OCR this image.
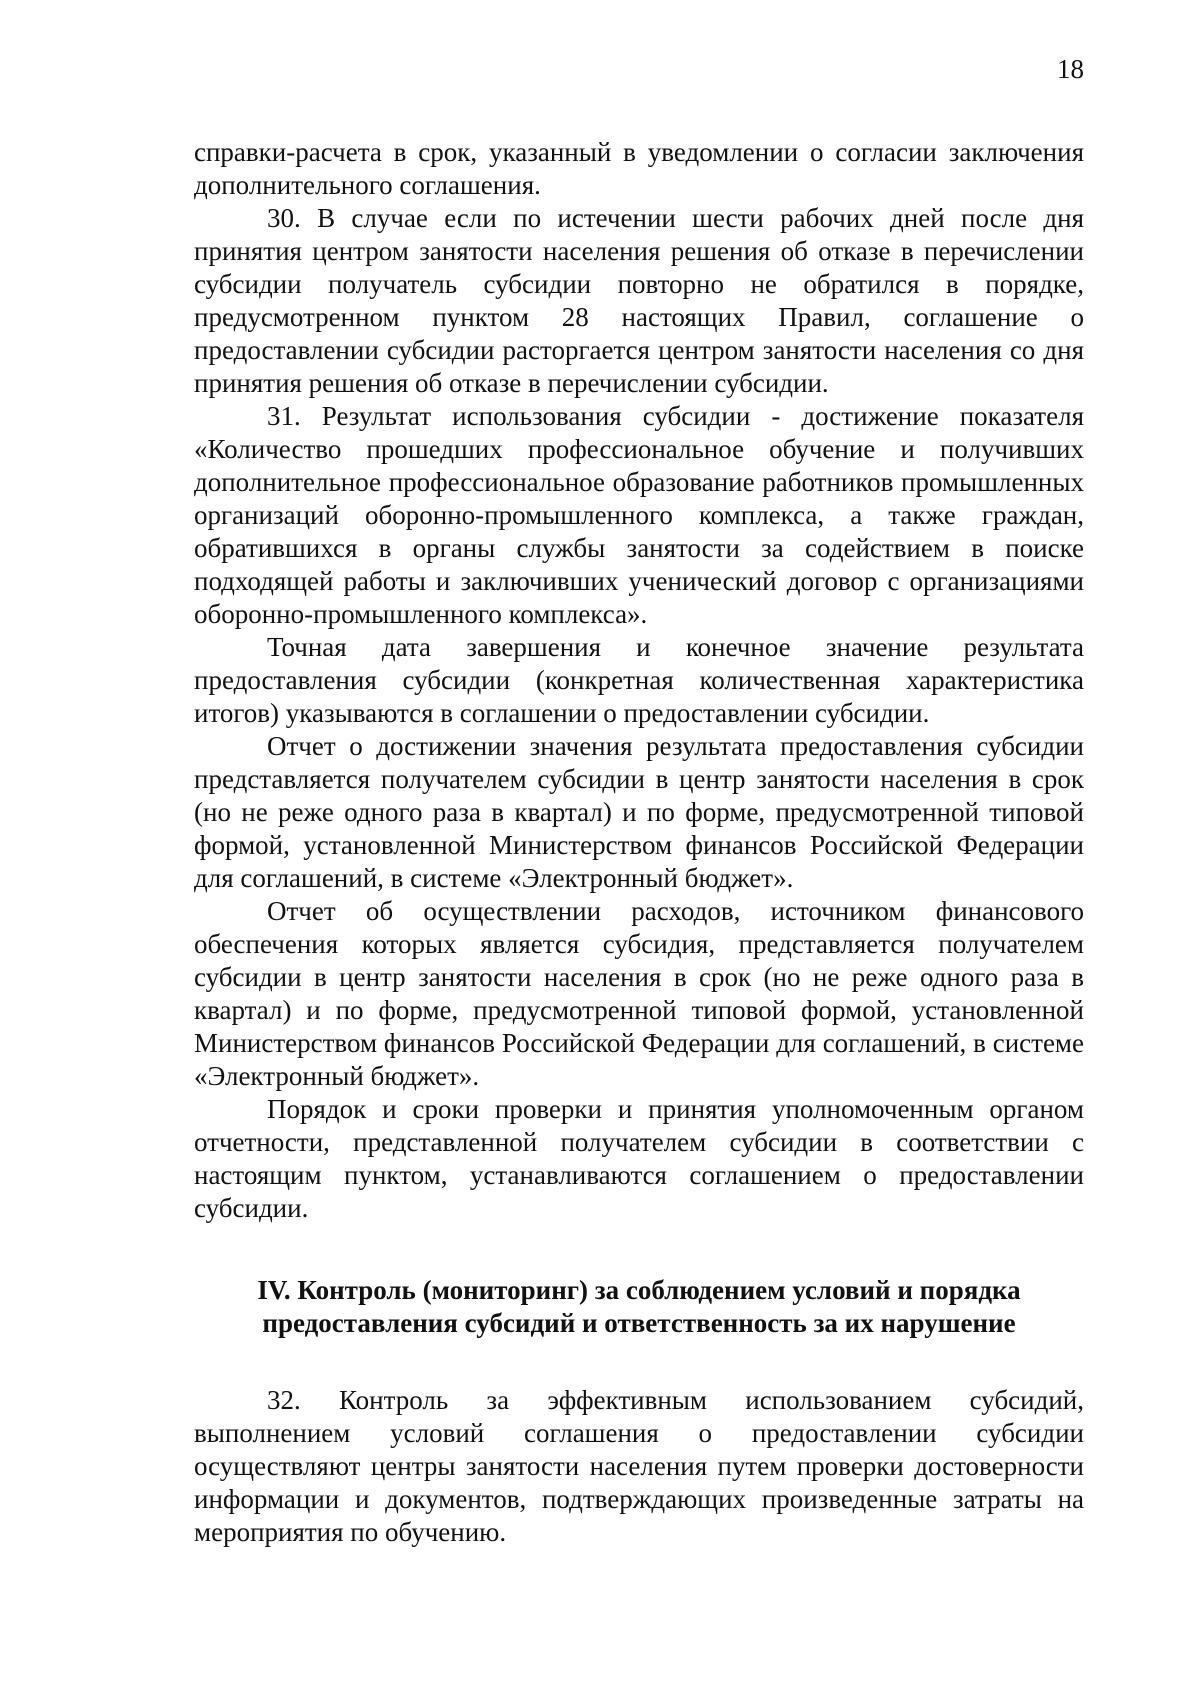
18

справки-расчета в срок, указанный в уведомлении о согласии заключения дополнительного соглашения.

30. В случае если по истечении шести рабочих дней после дня принятия центром занятости населения решения об отказе в перечислении субсидии получатель субсидии повторно не обратился в порядке, предусмотренном пунктом 28 настоящих Правил, соглашение о предоставлении субсидии расторгается центром занятости населения со дня принятия решения об отказе в перечислении субсидии.

31. Результат использования субсидии - достижение показателя «Количество прошедших профессиональное обучение и получивших дополнительное профессиональное образование работников промышленных организаций оборонно-промышленного комплекса, а также граждан, обратившихся в органы службы занятости за содействием в поиске подходящей работы и заключивших ученический договор с организациями оборонно-промышленного комплекса».

Точная дата завершения и конечное значение результата предоставления субсидии (конкретная количественная характеристика итогов) указываются в соглашении о предоставлении субсидии.

Отчет о достижении значения результата предоставления субсидии представляется получателем субсидии в центр занятости населения в срок (но не реже одного раза в квартал) и по форме, предусмотренной типовой формой, установленной Министерством финансов Российской Федерации для соглашений, в системе «Электронный бюджет».

Отчет об осуществлении расходов, источником финансового обеспечения которых является субсидия, представляется получателем субсидии в центр занятости населения в срок (но не реже одного раза в квартал) и по форме, предусмотренной типовой формой, установленной Министерством финансов Российской Федерации для соглашений, в системе «Электронный бюджет».

Порядок и сроки проверки и принятия уполномоченным органом отчетности, представленной получателем субсидии в соответствии с настоящим пунктом, устанавливаются соглашением о предоставлении субсидии.

IV. Контроль (мониторинг) за соблюдением условий и порядка
предоставления субсидий и ответственность за их нарушение

32. Контроль за эффективным использованием субсидий, выполнением условий соглашения о предоставлении субсидии осуществляют центры занятости населения путем проверки достоверности информации и документов, подтверждающих произведенные затраты на мероприятия по обучению.
